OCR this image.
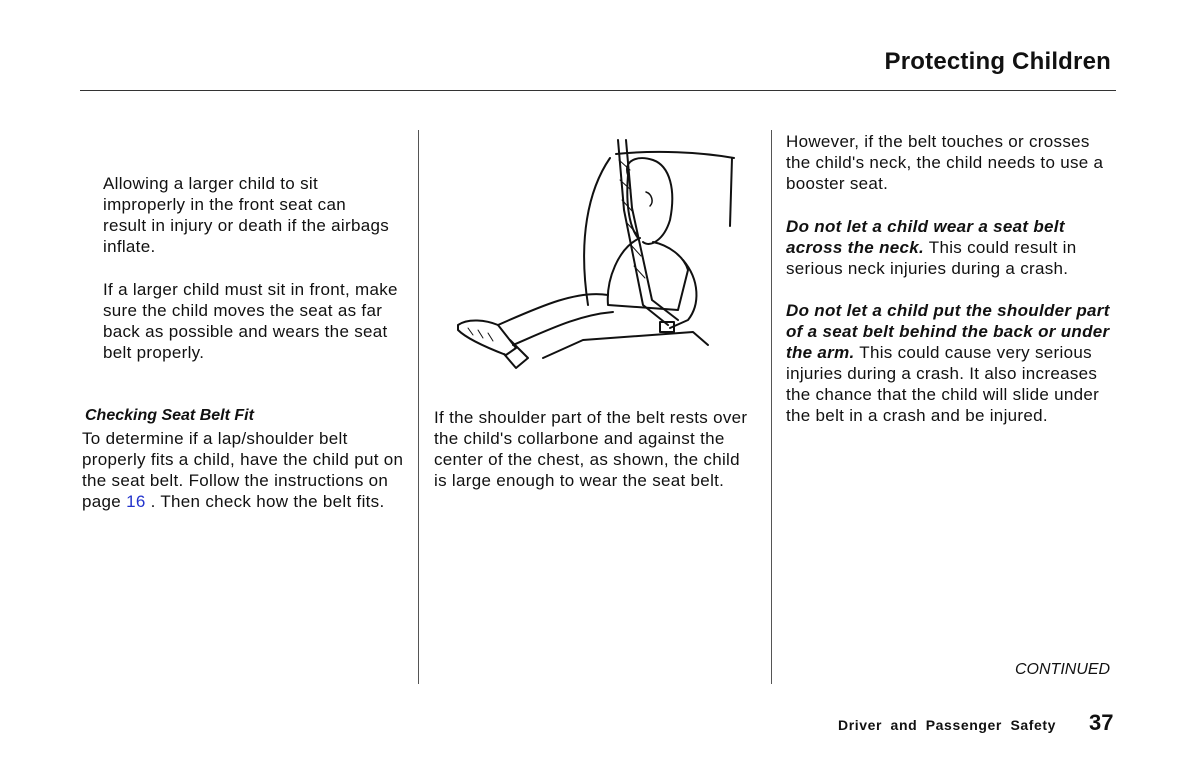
Protecting Children

Allowing a larger child to sit improperly in the front seat can result in injury or death if the airbags inflate.

If a larger child must sit in front, make sure the child moves the seat as far back as possible and wears the seat belt properly.

Checking Seat Belt Fit

To determine if a lap/shoulder belt properly fits a child, have the child put on the seat belt. Follow the instructions on page 16 . Then check how the belt fits.

If the shoulder part of the belt rests over the child's collarbone and against the center of the chest, as shown, the child is large enough to wear the seat belt.

However, if the belt touches or crosses the child's neck, the child needs to use a booster seat.

Do not let a child wear a seat belt across the neck. This could result in serious neck injuries during a crash.

Do not let a child put the shoulder part of a seat belt behind the back or under the arm. This could cause very serious injuries during a crash. It also increases the chance that the child will slide under the belt in a crash and be injured.

CONTINUED
Driver and Passenger Safety 37
